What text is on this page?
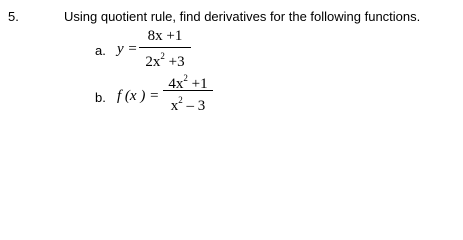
5.	Using quotient rule, find derivatives for the following functions.
a. y =
8x +1
$2x^2 +3$
b. f (x ) =
$4x^2 +1$
$x^2 - 3$
